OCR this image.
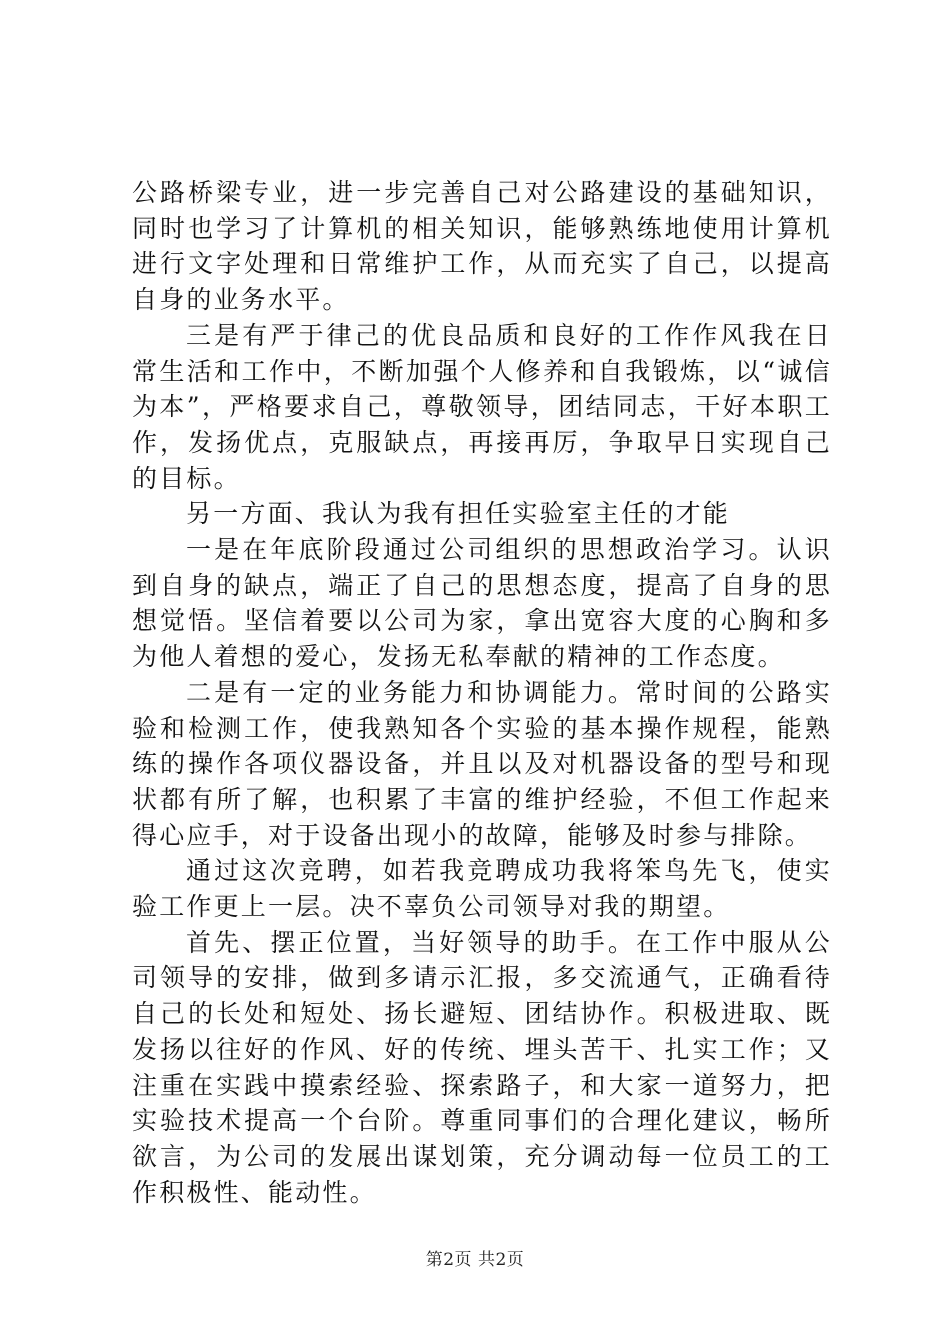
公路桥梁专业，进一步完善自己对公路建设的基础知识，同时也学习了计算机的相关知识，能够熟练地使用计算机进行文字处理和日常维护工作，从而充实了自己，以提高自身的业务水平。

三是有严于律己的优良品质和良好的工作作风我在日常生活和工作中，不断加强个人修养和自我锻炼，以“诚信为本”，严格要求自己，尊敬领导，团结同志，干好本职工作，发扬优点，克服缺点，再接再厉，争取早日实现自己的目标。

另一方面、我认为我有担任实验室主任的才能

一是在年底阶段通过公司组织的思想政治学习。认识到自身的缺点，端正了自己的思想态度，提高了自身的思想觉悟。坚信着要以公司为家，拿出宽容大度的心胸和多为他人着想的爱心，发扬无私奉献的精神的工作态度。

二是有一定的业务能力和协调能力。常时间的公路实验和检测工作，使我熟知各个实验的基本操作规程，能熟练的操作各项仪器设备，并且以及对机器设备的型号和现状都有所了解，也积累了丰富的维护经验，不但工作起来得心应手，对于设备出现小的故障，能够及时参与排除。

通过这次竞聘，如若我竞聘成功我将笨鸟先飞，使实验工作更上一层。决不辜负公司领导对我的期望。

首先、摆正位置，当好领导的助手。在工作中服从公司领导的安排，做到多请示汇报，多交流通气，正确看待自己的长处和短处、扬长避短、团结协作。积极进取、既发扬以往好的作风、好的传统、埋头苦干、扎实工作；又注重在实践中摸索经验、探索路子，和大家一道努力，把实验技术提高一个台阶。尊重同事们的合理化建议，畅所欲言，为公司的发展出谋划策，充分调动每一位员工的工作积极性、能动性。

第2页 共2页
